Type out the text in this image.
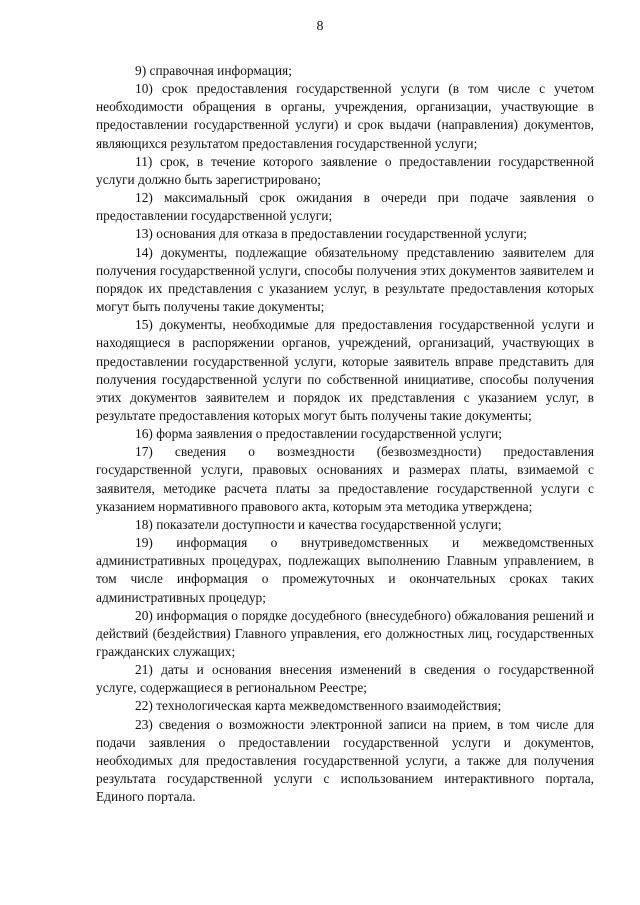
8

9) справочная информация;

10) срок предоставления государственной услуги (в том числе с учетом необходимости обращения в органы, учреждения, организации, участвующие в предоставлении государственной услуги) и срок выдачи (направления) документов, являющихся результатом предоставления государственной услуги;

11) срок, в течение которого заявление о предоставлении государственной услуги должно быть зарегистрировано;

12) максимальный срок ожидания в очереди при подаче заявления о предоставлении государственной услуги;

13) основания для отказа в предоставлении государственной услуги;

14) документы, подлежащие обязательному представлению заявителем для получения государственной услуги, способы получения этих документов заявителем и порядок их представления с указанием услуг, в результате предоставления которых могут быть получены такие документы;

15) документы, необходимые для предоставления государственной услуги и находящиеся в распоряжении органов, учреждений, организаций, участвующих в предоставлении государственной услуги, которые заявитель вправе представить для получения государственной услуги по собственной инициативе, способы получения этих документов заявителем и порядок их представления с указанием услуг, в результате предоставления которых могут быть получены такие документы;

16) форма заявления о предоставлении государственной услуги;

17) сведения о возмездности (безвозмездности) предоставления государственной услуги, правовых основаниях и размерах платы, взимаемой с заявителя, методике расчета платы за предоставление государственной услуги с указанием нормативного правового акта, которым эта методика утверждена;

18) показатели доступности и качества государственной услуги;

19) информация о внутриведомственных и межведомственных административных процедурах, подлежащих выполнению Главным управлением, в том числе информация о промежуточных и окончательных сроках таких административных процедур;

20) информация о порядке досудебного (внесудебного) обжалования решений и действий (бездействия) Главного управления, его должностных лиц, государственных гражданских служащих;

21) даты и основания внесения изменений в сведения о государственной услуге, содержащиеся в региональном Реестре;

22) технологическая карта межведомственного взаимодействия;

23) сведения о возможности электронной записи на прием, в том числе для подачи заявления о предоставлении государственной услуги и документов, необходимых для предоставления государственной услуги, а также для получения результата государственной услуги с использованием интерактивного портала, Единого портала.
